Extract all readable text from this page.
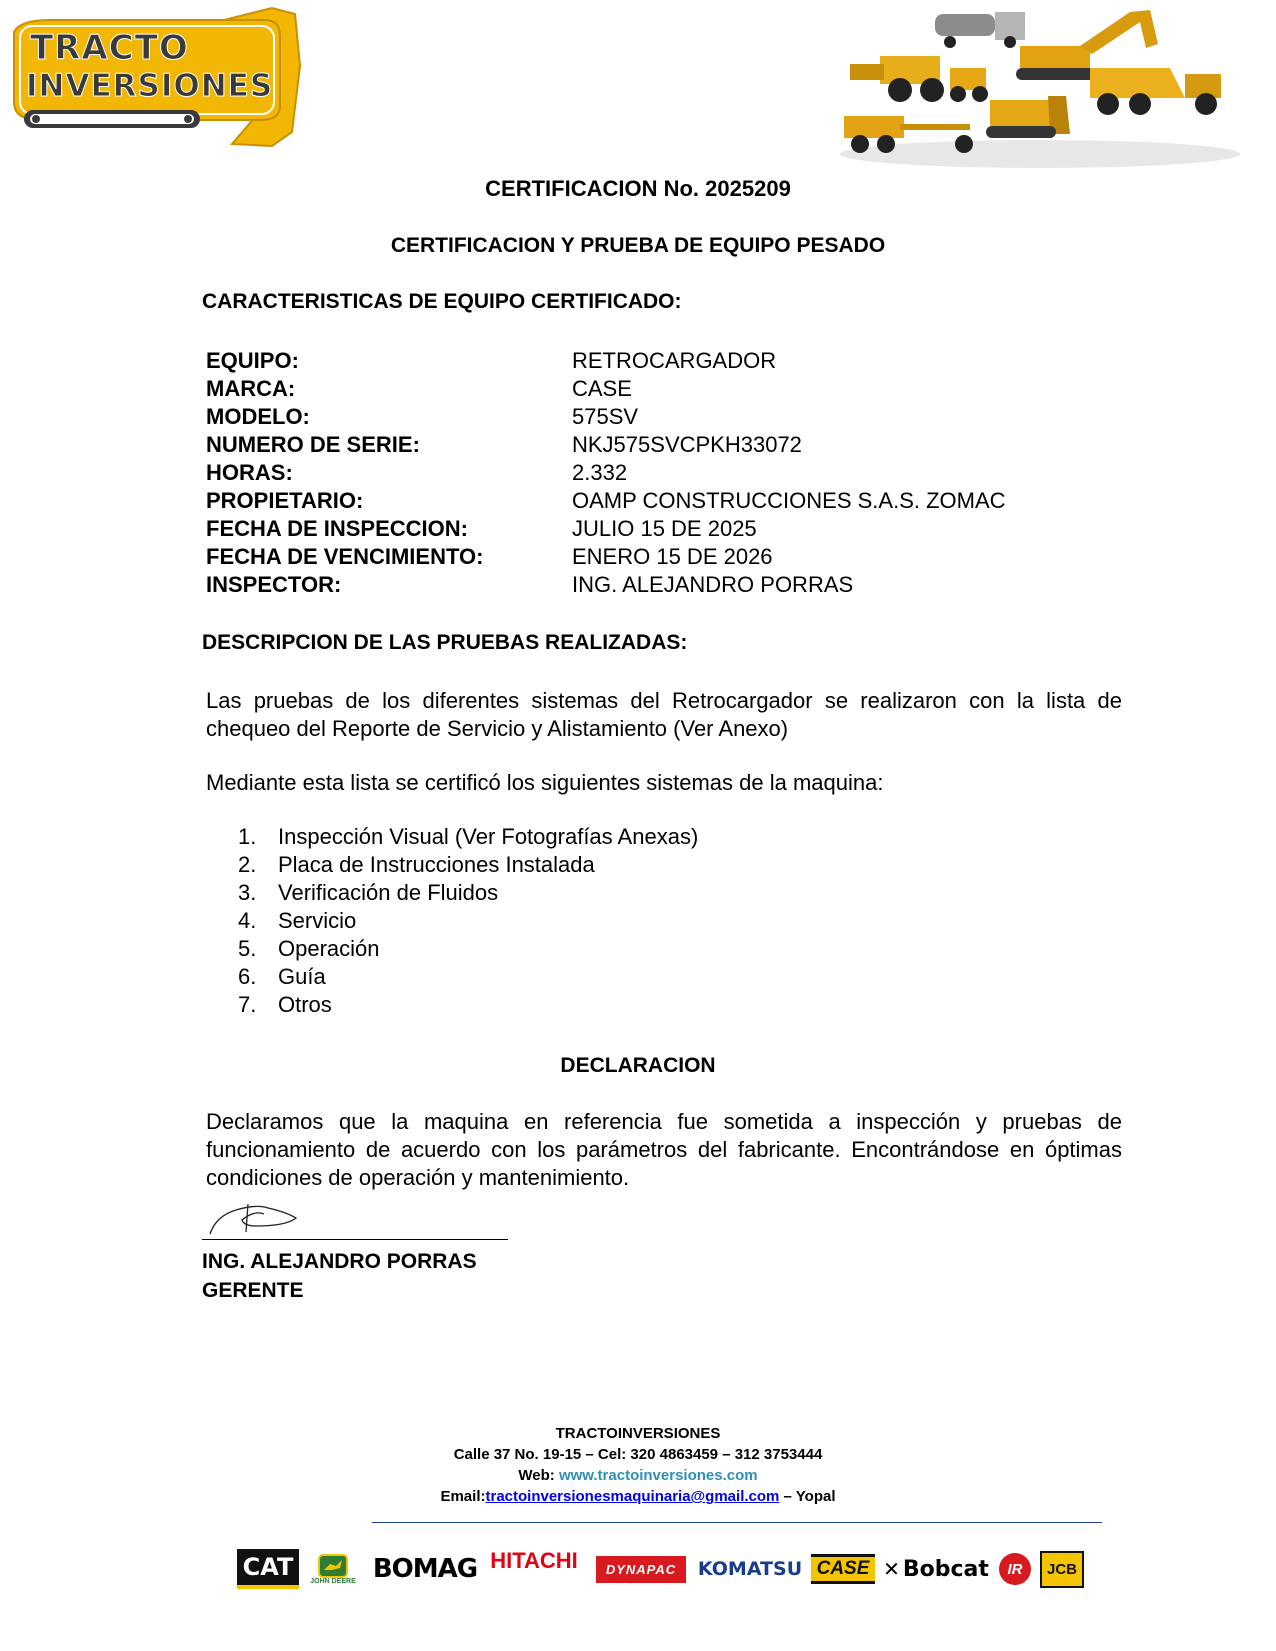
TRACTO
INVERSIONES
CERTIFICACION No. 2025209
CERTIFICACION Y PRUEBA DE EQUIPO PESADO
CARACTERISTICAS DE EQUIPO CERTIFICADO:
EQUIPO:	RETROCARGADOR
MARCA:	CASE
MODELO:	575SV
NUMERO DE SERIE:	NKJ575SVCPKH33072
HORAS:	2.332
PROPIETARIO:	OAMP CONSTRUCCIONES S.A.S. ZOMAC
FECHA DE INSPECCION:	JULIO 15 DE 2025
FECHA DE VENCIMIENTO:	ENERO 15 DE 2026
INSPECTOR:	ING. ALEJANDRO PORRAS
DESCRIPCION DE LAS PRUEBAS REALIZADAS:
Las pruebas de los diferentes sistemas del Retrocargador se realizaron con la lista de chequeo del Reporte de Servicio y Alistamiento (Ver Anexo)
Mediante esta lista se certificó los siguientes sistemas de la maquina:
1. Inspección Visual (Ver Fotografías Anexas)
2. Placa de Instrucciones Instalada
3. Verificación de Fluidos
4. Servicio
5. Operación
6. Guía
7. Otros
DECLARACION
Declaramos que la maquina en referencia fue sometida a inspección y pruebas de funcionamiento de acuerdo con los parámetros del fabricante. Encontrándose en óptimas condiciones de operación y mantenimiento.
ING. ALEJANDRO PORRAS
GERENTE
TRACTOINVERSIONES
Calle 37 No. 19-15 – Cel: 320 4863459 – 312 3753444
Web: www.tractoinversiones.com
Email:tractoinversionesmaquinaria@gmail.com – Yopal
CAT	JOHN DEERE BOMAG HITACHI	DYNAPAC	KOMATSU CASE ✕ Bobcat	IR	JCB
